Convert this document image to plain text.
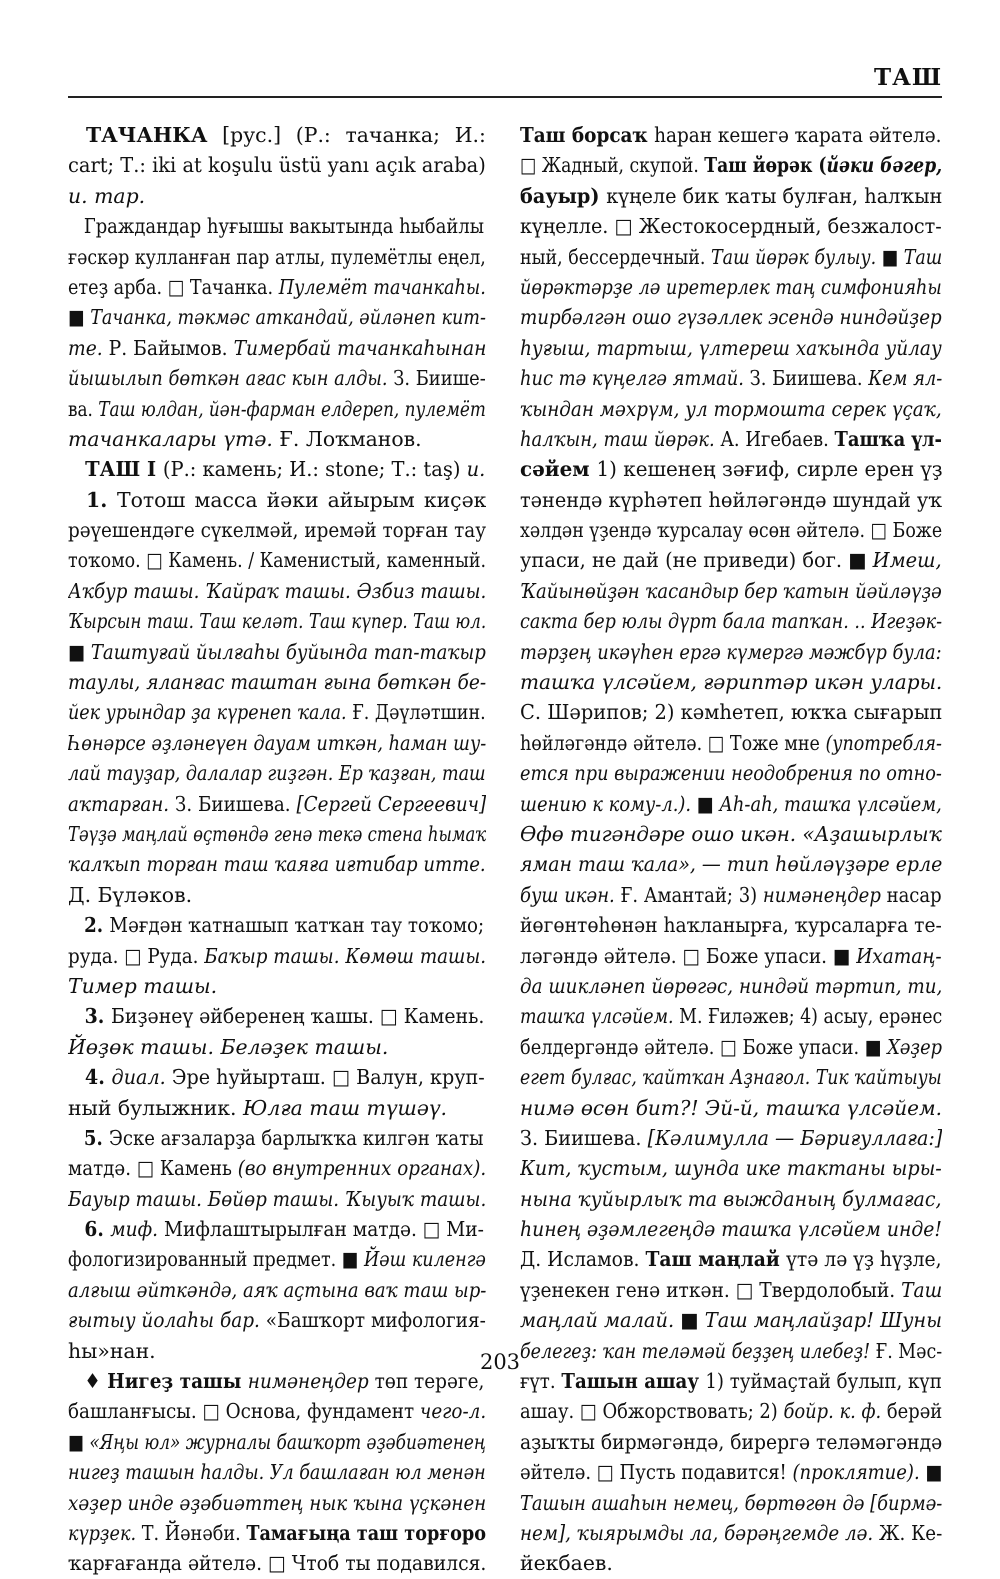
ТАШ
ТАЧАНКА [рус.] (Р.: тачанка; И.:
cart; Т.: iki at koşulu üstü yanı açık araba)
и. тар.
Граждандар һуғышы вакытында һыбайлы
ғәскәр кулланған пар атлы, пулемётлы еңел,
етеҙ арба. □ Тачанка. Пулемёт тачанкаһы.
■ Тачанка, тәкмәс аткандай, әйләнеп кит-
те. Р. Байымов. Тимербай тачанкаһынан
йышылып бөткән ағас кын алды. З. Биишe-
ва. Таш юлдан, йән-фарман елдереп, пулемёт
тачанкалары үтә. Ғ. Лоҡманов.
ТАШ I (Р.: камень; И.: stone; Т.: taş) и.
1. Тотош масса йәки айырым киҫәк
рәүешендәге сүкелмәй, иремәй торған тау
тоҡомо. □ Камень. / Каменистый, каменный.
Аҡбур ташы. Ҡайраҡ ташы. Әзбиз ташы.
Ҡырсын таш. Таш келәт. Таш күпер. Таш юл.
■ Таштуғай йылғаһы буйында тап-таҡыр
таулы, яланғас таштан ғына бөткән бе-
йек урындар ҙа күренеп ҡала. Ғ. Дәүләтшин.
Һөнәрсе әҙләнеүен дауам иткән, һаман шу-
лай тауҙар, далалар гиҙгән. Ер ҡаҙған, таш
аҡтарған. З. Биишева. [Сергей Сергеевич]
Тәүҙә маңлай өҫтөндә генә текә стена һымаҡ
ҡалҡып торған таш ҡаяға иғтибар итте.
Д. Бүләков.
2. Мәғдән ҡатнашып ҡатҡан тау тоҡомо;
руда. □ Руда. Баҡыр ташы. Көмөш ташы.
Тимер ташы.
3. Биҙәнеү әйберенең ҡашы. □ Камень.
Йөҙөк ташы. Беләҙек ташы.
4. диал. Эре һуйырташ. □ Валун, круп-
ный булыжник. Юлға таш түшәү.
5. Эске ағзаларҙа барлыҡҡа килгән ҡаты
матдә. □ Камень (во внутренних органах).
Бауыр ташы. Бөйөр ташы. Ҡыуыҡ ташы.
6. миф. Мифлаштырылған матдә. □ Ми-
фологизированный предмет. ■ Йәш киленгә
алғыш әйткәндә, аяҡ аҫтына ваҡ таш ыр-
ғытыу йолаһы бар. «Башҡорт мифология-
һы»нан.
♦ Нигеҙ ташы нимәнеңдер төп терәге,
башланғысы. □ Основа, фундамент чего-л.
■ «Яңы юл» журналы башҡорт әҙәбиәтенең
нигеҙ ташын һалды. Ул башлаған юл менән
хәҙер инде әҙәбиәттең нык ҡына үҫкәнен
күрҙек. Т. Йәнәби. Тамағыңа таш торғоро
ҡарғағанда әйтелә. □ Чтоб ты подавился.
Таш борсаҡ һаран кешегә ҡарата әйтелә.
□ Жадный, скупой. Таш йөрәк (йәки бәгер,
бауыр) күңеле бик ҡаты булған, һалҡын
күңелле. □ Жестокосердный, безжалост-
ный, бессердечный. Таш йөрәк булыу. ■ Таш
йөрәктәрҙе лә иретерлек таң симфонияһы
тирбәлгән ошо гүзәллек эсендә ниндәйҙер
һуғыш, тартыш, үлтереш хаҡында уйлау
һис тә күңелгә ятмай. З. Биишева. Кем ял-
ҡындан мәхрүм, ул тормошта серек үҫаҡ,
һалҡын, таш йөрәк. А. Игебаев. Ташҡа үл-
сәйем 1) кешенең зәғиф, сирле ерен үҙ
тәнендә күрһәтеп һөйләгәндә шундай уҡ
хәлдән үҙендә ҡурсалау өсөн әйтелә. □ Боже
упаси, не дай (не приведи) бог. ■ Имеш,
Ҡайынөйҙән ҡасандыр бер ҡатын йәйләүҙә
сакта бер юлы дүрт бала тапҡан. .. Игеҙәк-
тәрҙең икәүһен ергә күмергә мәжбүр була:
ташҡа үлсәйем, ғәриптәр икән улары.
С. Шәрипов; 2) кәмһетеп, юҡҡа сығарып
һөйләгәндә әйтелә. □ Тоже мне (употребля-
ется при выражении неодобрения по отно-
шению к кому-л.). ■ Аһ-аһ, ташҡа үлсәйем,
Өфө тигәндәре ошо икән. «Аҙашырлыҡ
яман таш ҡала», — тип һөйләүҙәре ерле
буш икән. Ғ. Амантай; 3) нимәнеңдер насар
йөгөнтөһөнән һаҡланырға, ҡурсаларға те-
ләгәндә әйтелә. □ Боже упаси. ■ Ихатаң-
да шикләнеп йөрөгәс, ниндәй тәртип, ти,
ташҡа үлсәйем. М. Ғиләжев; 4) асыу, ерәнес
белдергәндә әйтелә. □ Боже упаси. ■ Хәҙер
егет булғас, ҡайтҡан Аҙнағол. Тик ҡайтыуы
нимә өсөн бит?! Эй-й, ташҡа үлсәйем.
З. Биишева. [Кәлимулла — Бәриғуллаға:]
Кит, ҡустым, шунда ике тактаны ыры-
нына ҡуйырлыҡ та выжданың булмағас,
һинең әҙәмлегеңдә ташҡа үлсәйем инде!
Д. Исламов. Таш маңлай үтә лә үҙ һүҙле,
үҙенекен генә иткән. □ Твердолобый. Таш
маңлай малай. ■ Таш маңлайҙар! Шуны
белегеҙ: ҡан теләмәй беҙҙең илебеҙ! Ғ. Мәс-
ғүт. Ташын ашау 1) туймаҫтай булып, күп
ашау. □ Обжорствовать; 2) бойр. к. ф. берәй
аҙыҡты бирмәгәндә, бирергә теләмәгәндә
әйтелә. □ Пусть подавится! (проклятие). ■
Ташын ашаһын немец, бөртөгөн дә [бирмә-
нем], ҡыярымды ла, бәрәңгемде лә. Ж. Ке-
йекбаев.
203
